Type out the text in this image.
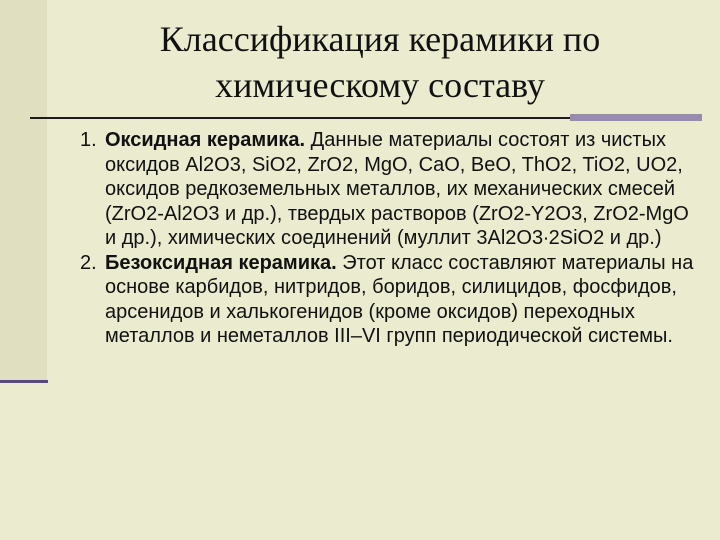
Классификация керамики по
химическому составу
1. Оксидная керамика. Данные материалы состоят из чистых оксидов Al2O3, SiO2, ZrO2, MgO, CaO, BeO, ThO2, TiO2, UO2, оксидов редкоземельных металлов, их механических смесей (ZrO2-Al2O3 и др.), твердых растворов (ZrO2-Y2O3, ZrO2-MgO и др.), химических соединений (муллит 3Al2O3∙2SiO2 и др.)
2. Безоксидная керамика. Этот класс составляют материалы на основе карбидов, нитридов, боридов, силицидов, фосфидов, арсенидов и халькогенидов (кроме оксидов) переходных металлов и неметаллов III–VI групп периодической системы.
